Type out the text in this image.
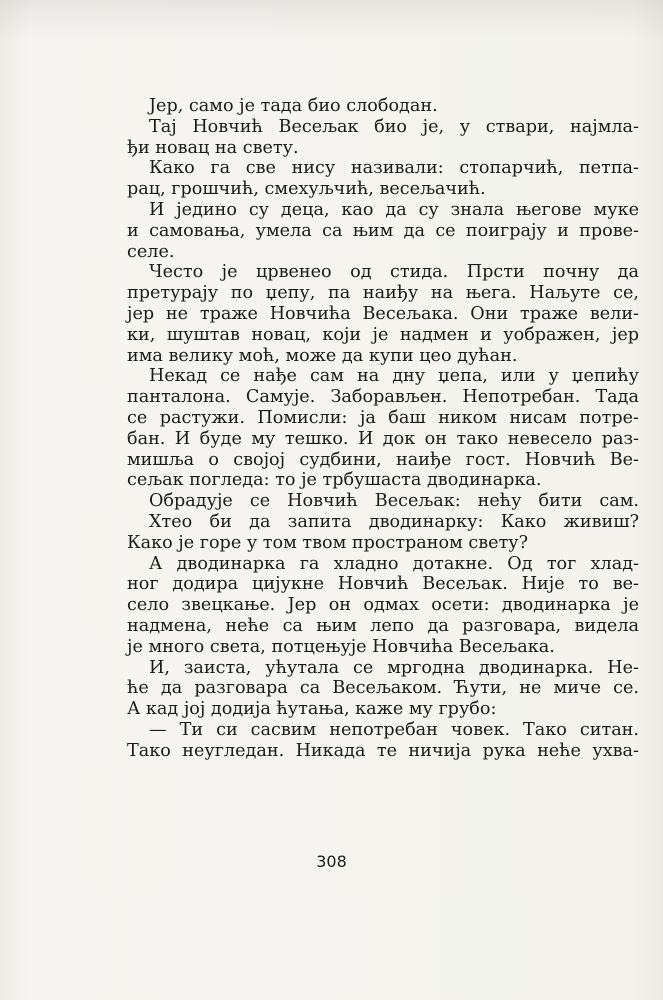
Јер, само је тада био слободан.
Тај Новчић Весељак био је, у ствари, најмла-
ђи новац на свету.
Како га све нису називали: стопарчић, петпа-
рац, грошчић, смехуљчић, весељачић.
И једино су деца, као да су знала његове муке
и самовања, умела са њим да се поиграју и прове-
селе.
Често је црвенео од стида. Прсти почну да
претурају по џепу, па наиђу на њега. Наљуте се,
јер не траже Новчића Весељака. Они траже вели-
ки, шуштав новац, који је надмен и уображен, јер
има велику моћ, може да купи цео дућан.
Некад се нађе сам на дну џепа, или у џепићу
панталона. Самује. Заборављен. Непотребан. Тада
се растужи. Помисли: ја баш ником нисам потре-
бан. И буде му тешко. И док он тако невесело раз-
мишља о својој судбини, наиђе гост. Новчић Ве-
сељак погледа: то је трбушаста дводинарка.
Обрадује се Новчић Весељак: нећу бити сам.
Хтео би да запита дводинарку: Како живиш?
Како је горе у том твом пространом свету?
А дводинарка га хладно дотакне. Од тог хлад-
ног додира цијукне Новчић Весељак. Није то ве-
село звецкање. Јер он одмах осети: дводинарка је
надмена, неће са њим лепо да разговара, видела
је много света, потцењује Новчића Весељака.
И, заиста, ућутала се мргодна дводинарка. Не-
ће да разговара са Весељаком. Ћути, не миче се.
А кад јој додија ћутања, каже му грубо:
— Ти си сасвим непотребан човек. Тако ситан.
Тако неугледан. Никада те ничија рука неће ухва-
308
